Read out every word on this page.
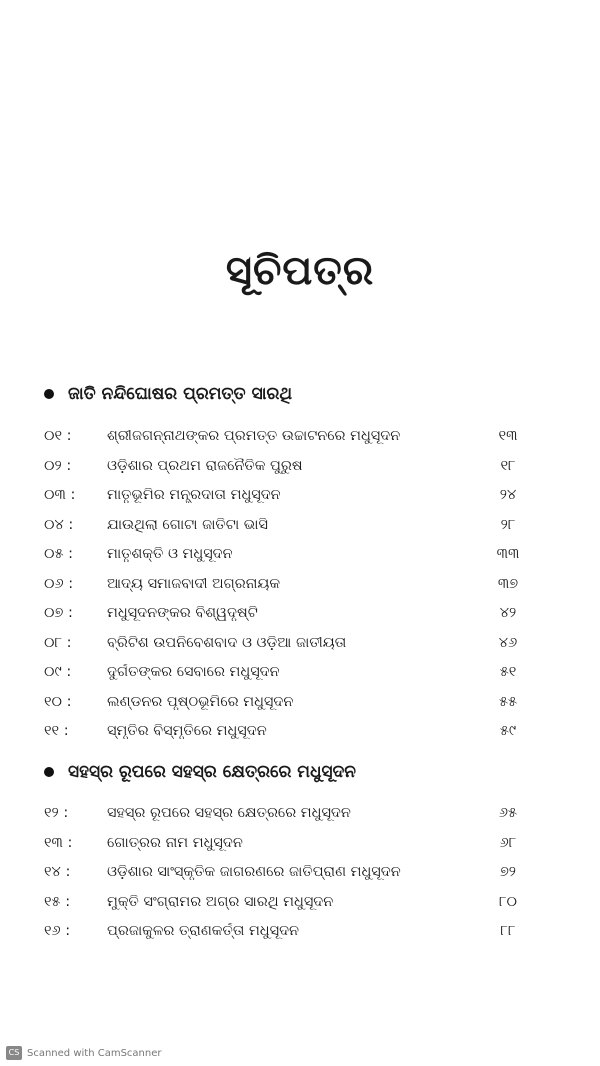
ସୂଚିପତ୍ର
ଜାତି ନନ୍ଦିଘୋଷର ପ୍ରମତ୍ତ ସାରଥି
୦୧ :	ଶ୍ରୀଜଗନ୍ନାଥଙ୍କର ପ୍ରମତ୍ତ ଉଚ୍ଚାଟନରେ ମଧୁସୂଦନ	୧୩
୦୨ :	ଓଡ଼ିଶାର ପ୍ରଥମ ରାଜନୈତିକ ପୁରୁଷ	୧୮
୦୩ :	ମାତୃଭୂମିର ମନ୍ତ୍ରଦାତା ମଧୁସୂଦନ	୨୪
୦୪ :	ଯାଉଥିଲା ଗୋଟା ଜାତିଟା ଭାସି	୨୮
୦୫ :	ମାତୃଶକ୍ତି ଓ ମଧୁସୂଦନ	୩୩
୦୬ :	ଆଦ୍ୟ ସମାଜବାଦୀ ଅଗ୍ରନାୟକ	୩୭
୦୭ :	ମଧୁସୂଦନଙ୍କର ବିଶ୍ୱଦୃଷ୍ଟି	୪୨
୦୮ :	ବ୍ରିଟିଶ ଉପନିବେଶବାଦ ଓ ଓଡ଼ିଆ ଜାତୀୟତା	୪୬
୦୯ :	ଦୁର୍ଗତଙ୍କର ସେବାରେ ମଧୁସୂଦନ	୫୧
୧୦ :	ଲଣ୍ଡନର ପୃଷ୍ଠଭୂମିରେ ମଧୁସୂଦନ	୫୫
୧୧ :	ସ୍ମୃତିର ବିସ୍ମୃତିରେ ମଧୁସୂଦନ	୫୯
ସହସ୍ର ରୂପରେ ସହସ୍ର କ୍ଷେତ୍ରରେ ମଧୁସୂଦନ
୧୨ :	ସହସ୍ର ରୂପରେ ସହସ୍ର କ୍ଷେତ୍ରରେ ମଧୁସୂଦନ	୬୫
୧୩ :	ଗୋତ୍ରର ନାମ ମଧୁସୂଦନ	୬୮
୧୪ :	ଓଡ଼ିଶାର ସାଂସ୍କୃତିକ ଜାଗରଣରେ ଜାତିପ୍ରାଣ ମଧୁସୂଦନ	୭୨
୧୫ :	ମୁକ୍ତି ସଂଗ୍ରାମର ଅଗ୍ର ସାରଥି ମଧୁସୂଦନ	୮୦
୧୬ :	ପ୍ରଜାକୁଳର ତ୍ରାଣକର୍ତ୍ତା ମଧୁସୂଦନ	୮୮
CS Scanned with CamScanner
